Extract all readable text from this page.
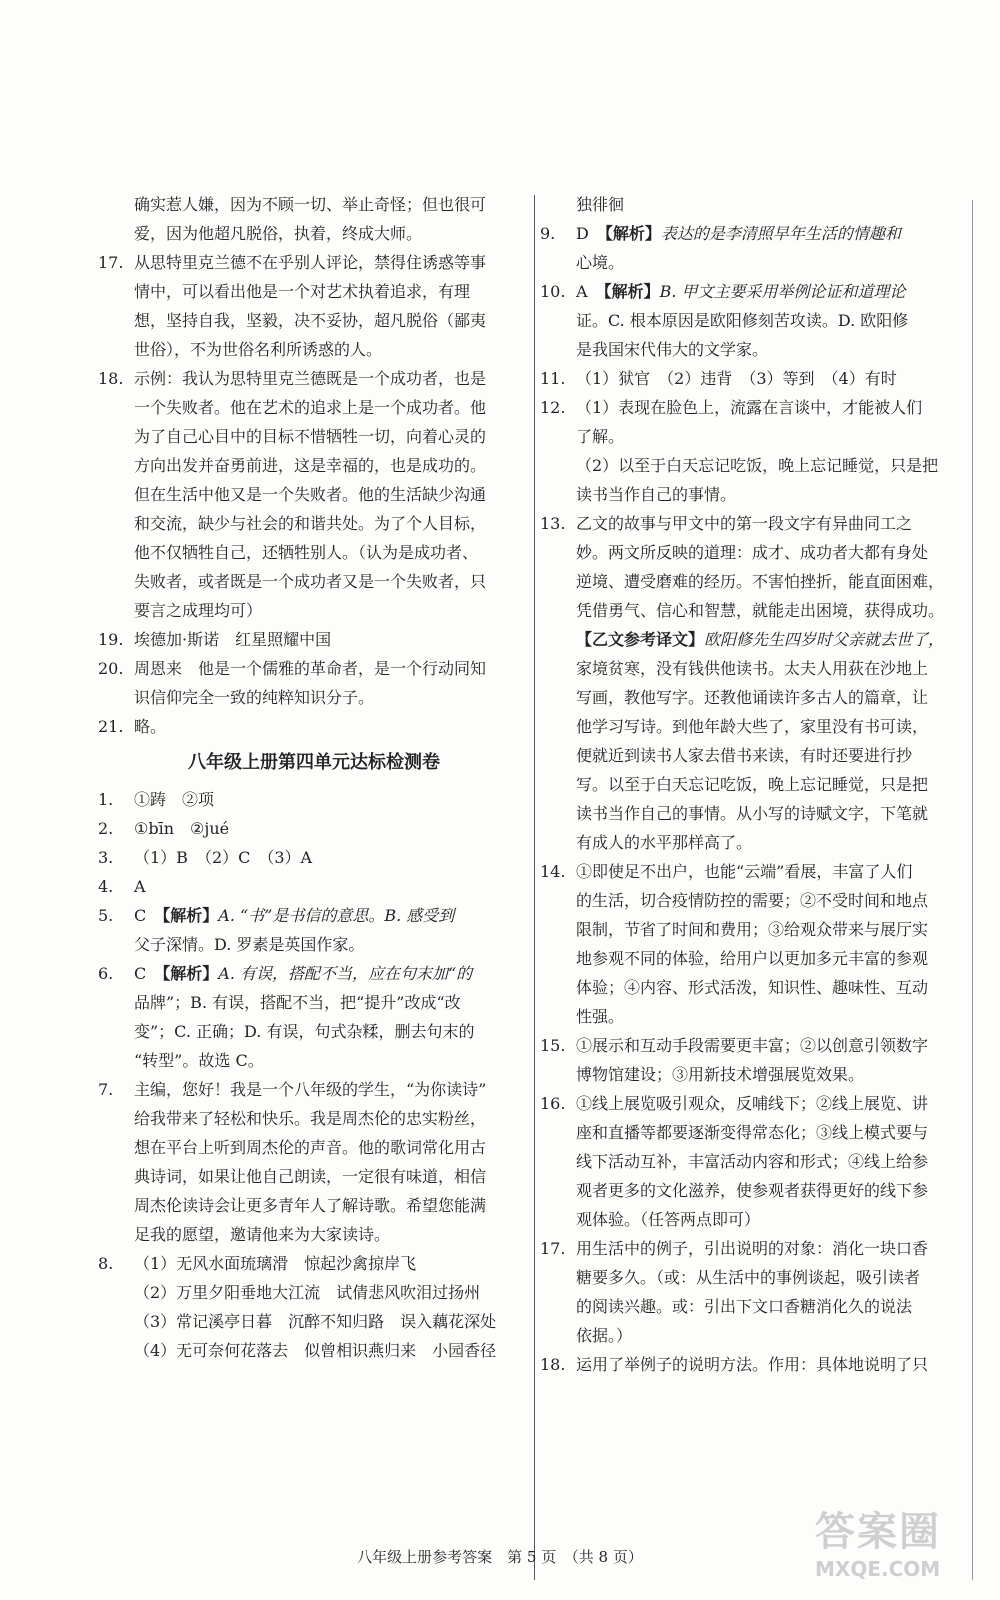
确实惹人嫌，因为不顾一切、举止奇怪；但也很可
爱，因为他超凡脱俗，执着，终成大师。
17. 从思特里克兰德不在乎别人评论，禁得住诱惑等事
情中，可以看出他是一个对艺术执着追求，有理
想，坚持自我，坚毅，决不妥协，超凡脱俗（鄙夷
世俗），不为世俗名利所诱惑的人。
18. 示例：我认为思特里克兰德既是一个成功者，也是
一个失败者。他在艺术的追求上是一个成功者。他
为了自己心目中的目标不惜牺牲一切，向着心灵的
方向出发并奋勇前进，这是幸福的，也是成功的。
但在生活中他又是一个失败者。他的生活缺少沟通
和交流，缺少与社会的和谐共处。为了个人目标，
他不仅牺牲自己，还牺牲别人。（认为是成功者、
失败者，或者既是一个成功者又是一个失败者，只
要言之成理均可）
19. 埃德加·斯诺　红星照耀中国
20. 周恩来　他是一个儒雅的革命者，是一个行动同知
识信仰完全一致的纯粹知识分子。
21. 略。
八年级上册第四单元达标检测卷
1. ①踌　②项
2. ①bīn　②jué
3. （1）B　（2）C　（3）A
4. A
5. C　【解析】A. “书”是书信的意思。B. 感受到
父子深情。D. 罗素是英国作家。
6. C　【解析】A. 有误，搭配不当，应在句末加“的
品牌”；B. 有误，搭配不当，把“提升”改成“改
变”；C. 正确；D. 有误，句式杂糅，删去句末的
“转型”。故选 C。
7. 主编，您好！我是一个八年级的学生，“为你读诗”
给我带来了轻松和快乐。我是周杰伦的忠实粉丝，
想在平台上听到周杰伦的声音。他的歌词常化用古
典诗词，如果让他自己朗读，一定很有味道，相信
周杰伦读诗会让更多青年人了解诗歌。希望您能满
足我的愿望，邀请他来为大家读诗。
8. （1）无风水面琉璃滑　惊起沙禽掠岸飞
（2）万里夕阳垂地大江流　试倩悲风吹泪过扬州
（3）常记溪亭日暮　沉醉不知归路　误入藕花深处
（4）无可奈何花落去　似曾相识燕归来　小园香径
独徘徊
9. D　【解析】表达的是李清照早年生活的情趣和
心境。
10. A　【解析】B. 甲文主要采用举例论证和道理论
证。C. 根本原因是欧阳修刻苦攻读。D. 欧阳修
是我国宋代伟大的文学家。
11. （1）狱官　（2）违背　（3）等到　（4）有时
12. （1）表现在脸色上，流露在言谈中，才能被人们
了解。
（2）以至于白天忘记吃饭，晚上忘记睡觉，只是把
读书当作自己的事情。
13. 乙文的故事与甲文中的第一段文字有异曲同工之
妙。两文所反映的道理：成才、成功者大都有身处
逆境、遭受磨难的经历。不害怕挫折，能直面困难，
凭借勇气、信心和智慧，就能走出困境，获得成功。
【乙文参考译文】欧阳修先生四岁时父亲就去世了，
家境贫寒，没有钱供他读书。太夫人用荻在沙地上
写画，教他写字。还教他诵读许多古人的篇章，让
他学习写诗。到他年龄大些了，家里没有书可读，
便就近到读书人家去借书来读，有时还要进行抄
写。以至于白天忘记吃饭，晚上忘记睡觉，只是把
读书当作自己的事情。从小写的诗赋文字，下笔就
有成人的水平那样高了。
14. ①即使足不出户，也能“云端”看展，丰富了人们
的生活，切合疫情防控的需要；②不受时间和地点
限制，节省了时间和费用；③给观众带来与展厅实
地参观不同的体验，给用户以更加多元丰富的参观
体验；④内容、形式活泼，知识性、趣味性、互动
性强。
15. ①展示和互动手段需要更丰富；②以创意引领数字
博物馆建设；③用新技术增强展览效果。
16. ①线上展览吸引观众，反哺线下；②线上展览、讲
座和直播等都要逐渐变得常态化；③线上模式要与
线下活动互补，丰富活动内容和形式；④线上给参
观者更多的文化滋养，使参观者获得更好的线下参
观体验。（任答两点即可）
17. 用生活中的例子，引出说明的对象：消化一块口香
糖要多久。（或：从生活中的事例谈起，吸引读者
的阅读兴趣。或：引出下文口香糖消化久的说法
依据。）
18. 运用了举例子的说明方法。作用：具体地说明了只
八年级上册参考答案　第 5 页　（共 8 页）
答案圈
MXQE.COM
